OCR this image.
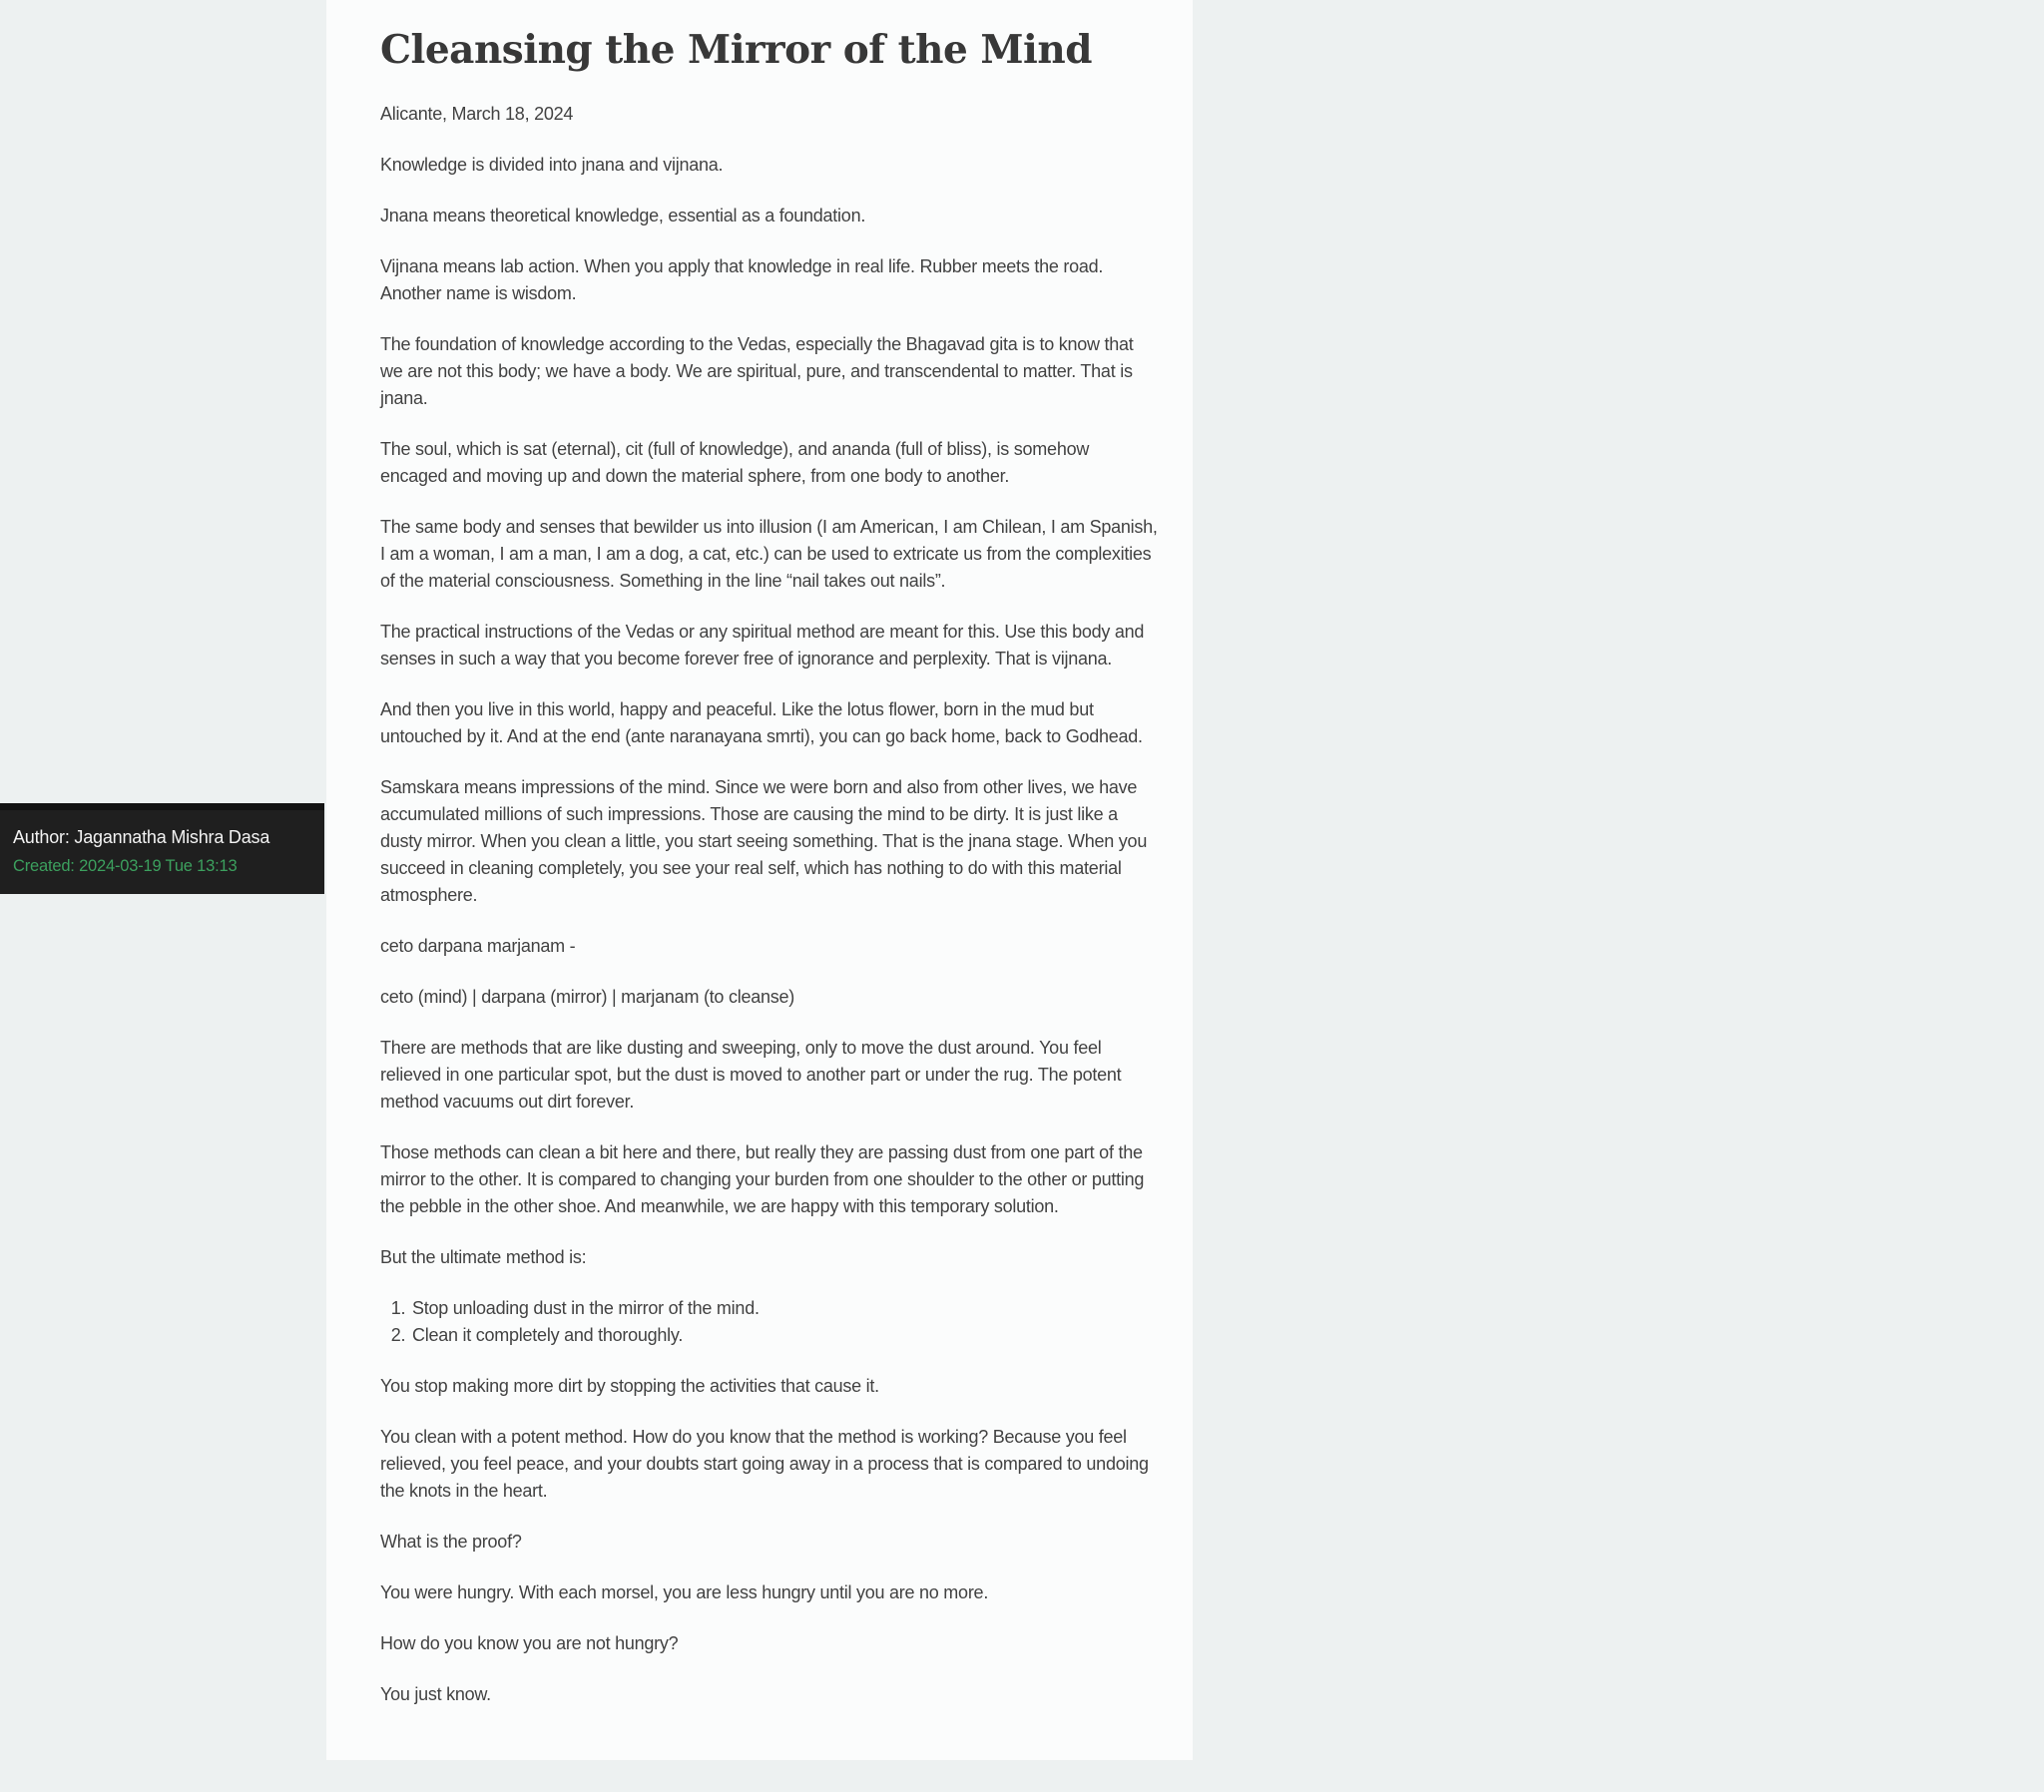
Cleansing the Mirror of the Mind

Alicante, March 18, 2024

Knowledge is divided into jnana and vijnana.

Jnana means theoretical knowledge, essential as a foundation.

Vijnana means lab action. When you apply that knowledge in real life. Rubber meets the road. Another name is wisdom.

The foundation of knowledge according to the Vedas, especially the Bhagavad gita is to know that we are not this body; we have a body. We are spiritual, pure, and transcendental to matter. That is jnana.

The soul, which is sat (eternal), cit (full of knowledge), and ananda (full of bliss), is somehow encaged and moving up and down the material sphere, from one body to another.

The same body and senses that bewilder us into illusion (I am American, I am Chilean, I am Spanish, I am a woman, I am a man, I am a dog, a cat, etc.) can be used to extricate us from the complexities of the material consciousness. Something in the line “nail takes out nails”.

The practical instructions of the Vedas or any spiritual method are meant for this. Use this body and senses in such a way that you become forever free of ignorance and perplexity. That is vijnana.

And then you live in this world, happy and peaceful. Like the lotus flower, born in the mud but untouched by it. And at the end (ante naranayana smrti), you can go back home, back to Godhead.

Samskara means impressions of the mind. Since we were born and also from other lives, we have accumulated millions of such impressions. Those are causing the mind to be dirty. It is just like a dusty mirror. When you clean a little, you start seeing something. That is the jnana stage. When you succeed in cleaning completely, you see your real self, which has nothing to do with this material atmosphere.

ceto darpana marjanam -

ceto (mind) | darpana (mirror) | marjanam (to cleanse)

There are methods that are like dusting and sweeping, only to move the dust around. You feel relieved in one particular spot, but the dust is moved to another part or under the rug. The potent method vacuums out dirt forever.

Those methods can clean a bit here and there, but really they are passing dust from one part of the mirror to the other. It is compared to changing your burden from one shoulder to the other or putting the pebble in the other shoe. And meanwhile, we are happy with this temporary solution.

But the ultimate method is:

1. Stop unloading dust in the mirror of the mind.
2. Clean it completely and thoroughly.

You stop making more dirt by stopping the activities that cause it.

You clean with a potent method. How do you know that the method is working? Because you feel relieved, you feel peace, and your doubts start going away in a process that is compared to undoing the knots in the heart.

What is the proof?

You were hungry. With each morsel, you are less hungry until you are no more.

How do you know you are not hungry?

You just know.

Author: Jagannatha Mishra Dasa
Created: 2024-03-19 Tue 13:13
